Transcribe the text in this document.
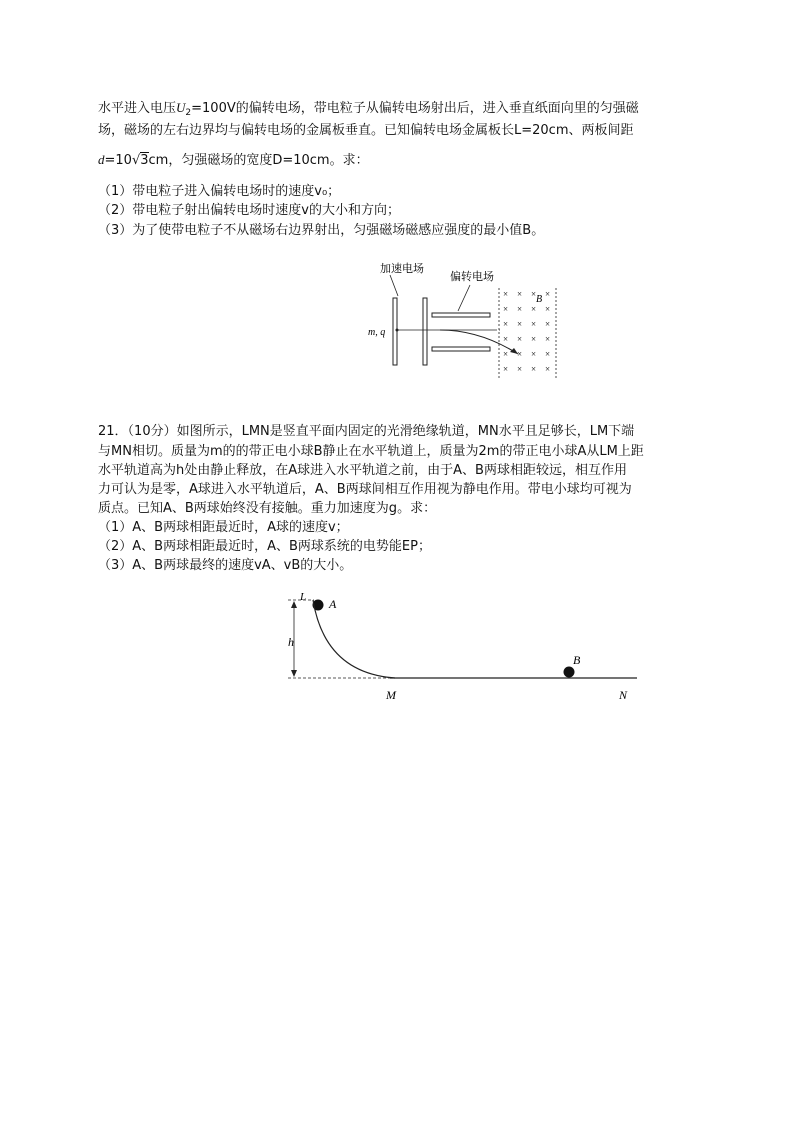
水平进入电压$U_2=100V$的偏转电场，带电粒子从偏转电场射出后，进入垂直纸面向里的匀强磁
场，磁场的左右边界均与偏转电场的金属板垂直。已知偏转电场金属板长L=20cm、两板间距
d=10√3cm，匀强磁场的宽度D=10cm。求：
（1）带电粒子进入偏转电场时的速度v₀；
（2）带电粒子射出偏转电场时速度v的大小和方向；
（3）为了使带电粒子不从磁场右边界射出，匀强磁场磁感应强度的最小值B。
加速电场
偏转电场
m, q
B
× × × ×
× × × ×
× × × ×
× × × ×
× × × ×
× × × ×
21．（10分）如图所示，LMN是竖直平面内固定的光滑绝缘轨道，MN水平且足够长，LM下端
与MN相切。质量为m的的带正电小球B静止在水平轨道上，质量为2m的带正电小球A从LM上距
水平轨道高为h处由静止释放，在A球进入水平轨道之前，由于A、B两球相距较远，相互作用
力可认为是零，A球进入水平轨道后，A、B两球间相互作用视为静电作用。带电小球均可视为
质点。已知A、B两球始终没有接触。重力加速度为g。求：
（1）A、B两球相距最近时，A球的速度v；
（2）A、B两球相距最近时，A、B两球系统的电势能EP；
（3）A、B两球最终的速度vA、vB的大小。
L A
h
B
M	N
